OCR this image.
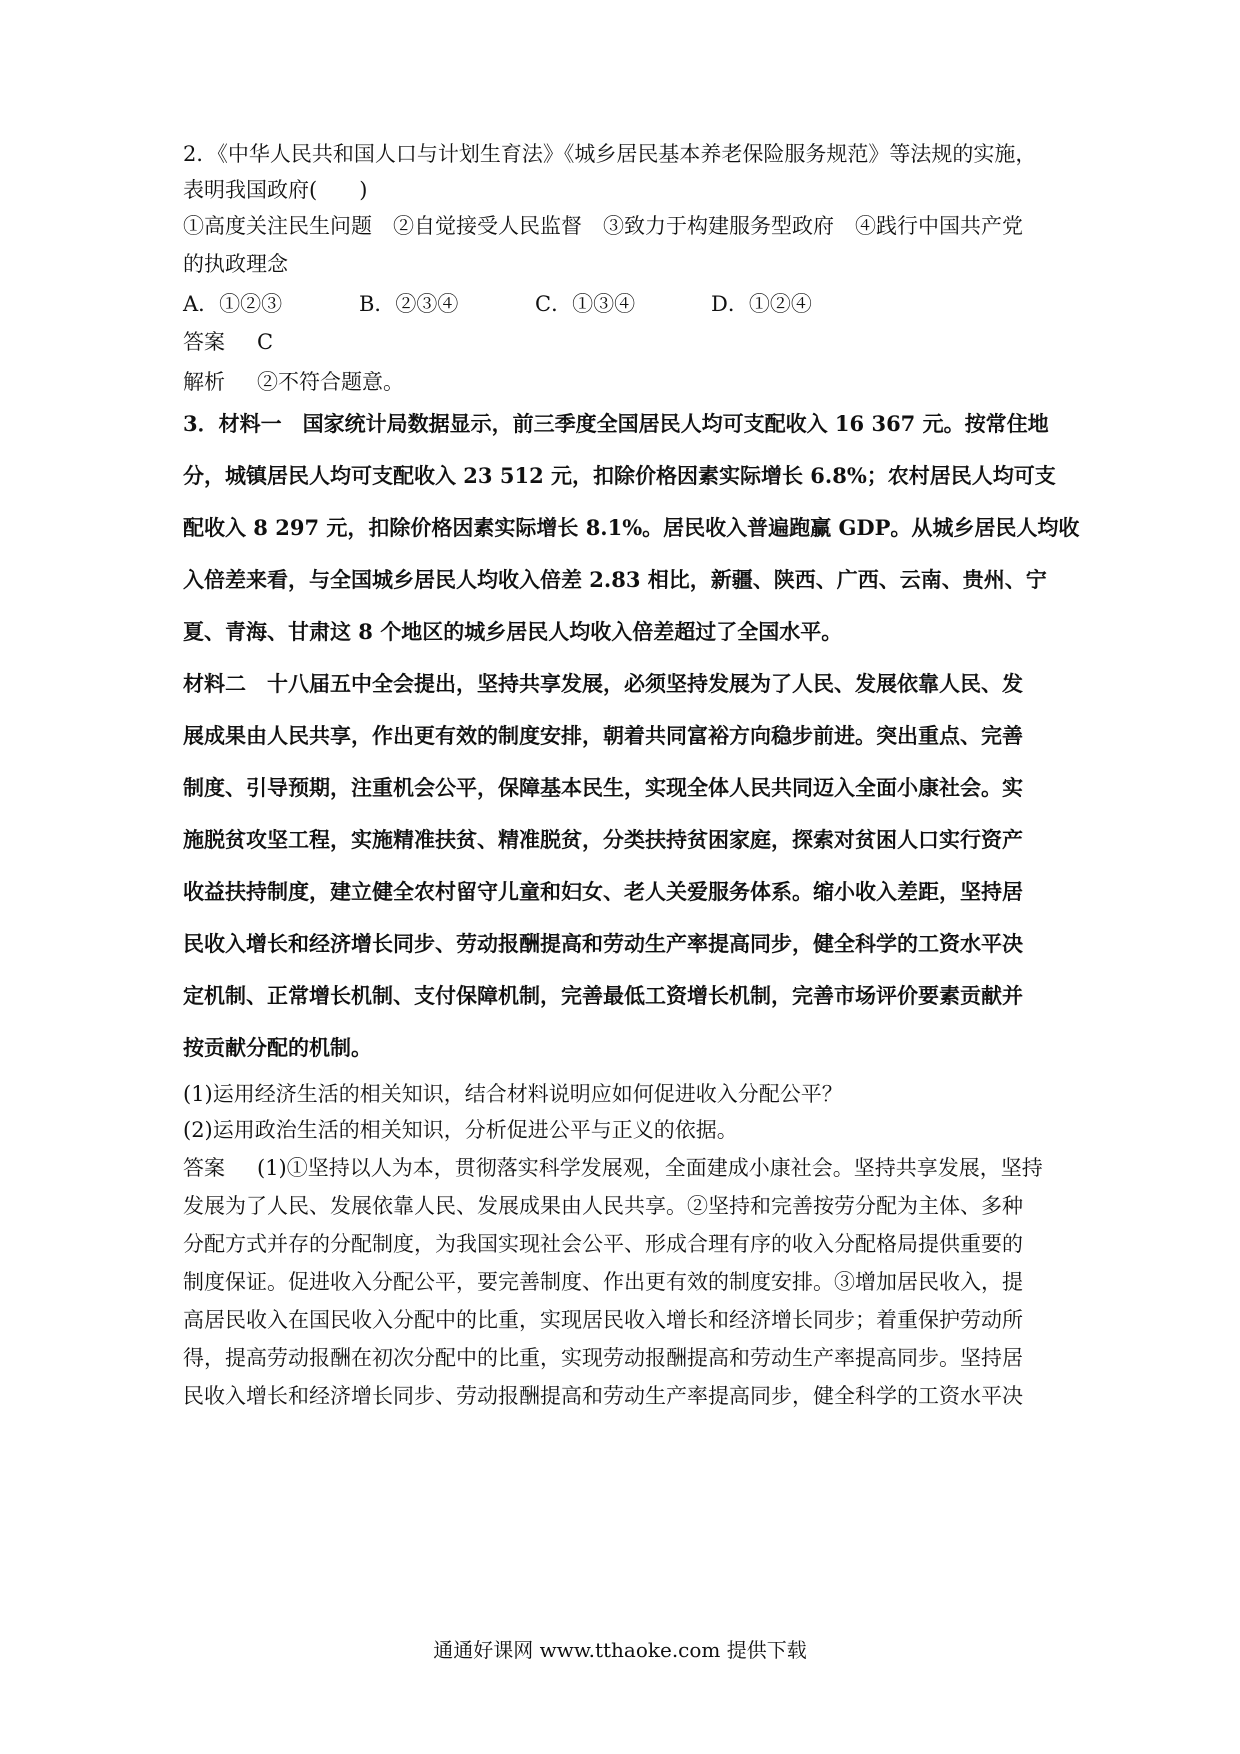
2．《中华人民共和国人口与计划生育法》《城乡居民基本养老保险服务规范》等法规的实施，

表明我国政府(　　)

①高度关注民生问题　②自觉接受人民监督　③致力于构建服务型政府　④践行中国共产党

的执政理念

A．①②③	B．②③④	C．①③④	D．①②④

答案 C

解析 ②不符合题意。

3．材料一　国家统计局数据显示，前三季度全国居民人均可支配收入 16 367 元。按常住地

分，城镇居民人均可支配收入 23 512 元，扣除价格因素实际增长 6.8%；农村居民人均可支

配收入 8 297 元，扣除价格因素实际增长 8.1%。居民收入普遍跑赢 GDP。从城乡居民人均收

入倍差来看，与全国城乡居民人均收入倍差 2.83 相比，新疆、陕西、广西、云南、贵州、宁

夏、青海、甘肃这 8 个地区的城乡居民人均收入倍差超过了全国水平。

材料二　十八届五中全会提出，坚持共享发展，必须坚持发展为了人民、发展依靠人民、发

展成果由人民共享，作出更有效的制度安排，朝着共同富裕方向稳步前进。突出重点、完善

制度、引导预期，注重机会公平，保障基本民生，实现全体人民共同迈入全面小康社会。实

施脱贫攻坚工程，实施精准扶贫、精准脱贫，分类扶持贫困家庭，探索对贫困人口实行资产

收益扶持制度，建立健全农村留守儿童和妇女、老人关爱服务体系。缩小收入差距，坚持居

民收入增长和经济增长同步、劳动报酬提高和劳动生产率提高同步，健全科学的工资水平决

定机制、正常增长机制、支付保障机制，完善最低工资增长机制，完善市场评价要素贡献并

按贡献分配的机制。

(1)运用经济生活的相关知识，结合材料说明应如何促进收入分配公平？

(2)运用政治生活的相关知识，分析促进公平与正义的依据。

答案 (1)①坚持以人为本，贯彻落实科学发展观，全面建成小康社会。坚持共享发展，坚持

发展为了人民、发展依靠人民、发展成果由人民共享。②坚持和完善按劳分配为主体、多种

分配方式并存的分配制度，为我国实现社会公平、形成合理有序的收入分配格局提供重要的

制度保证。促进收入分配公平，要完善制度、作出更有效的制度安排。③增加居民收入，提

高居民收入在国民收入分配中的比重，实现居民收入增长和经济增长同步；着重保护劳动所

得，提高劳动报酬在初次分配中的比重，实现劳动报酬提高和劳动生产率提高同步。坚持居

民收入增长和经济增长同步、劳动报酬提高和劳动生产率提高同步，健全科学的工资水平决

通通好课网 www.tthaoke.com 提供下载
